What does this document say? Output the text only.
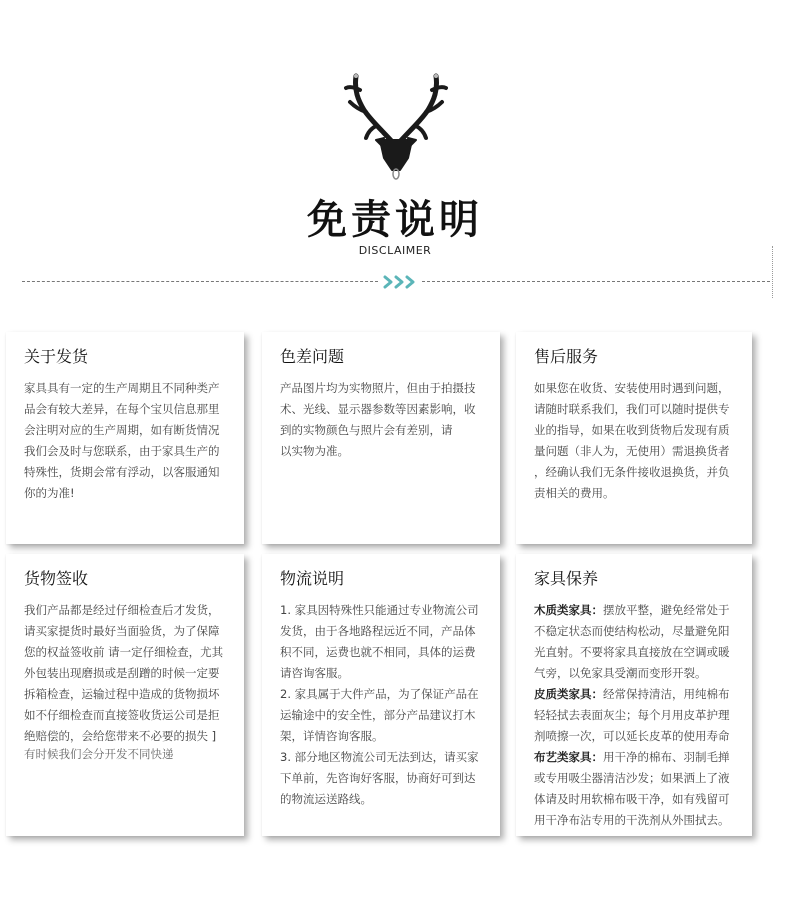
免责说明
DISCLAIMER
关于发货

家具具有一定的生产周期且不同种类产

品会有较大差异，在每个宝贝信息那里

会注明对应的生产周期，如有断货情况

我们会及时与您联系，由于家具生产的

特殊性，货期会常有浮动，以客服通知

你的为准!

色差问题

产品图片均为实物照片，但由于拍摄技

术、光线、显示器参数等因素影响，收

到的实物颜色与照片会有差别，请

以实物为准。

售后服务

如果您在收货、安装使用时遇到问题，

请随时联系我们，我们可以随时提供专

业的指导，如果在收到货物后发现有质

量问题（非人为，无使用）需退换货者

，经确认我们无条件接收退换货，并负

责相关的费用。

货物签收

我们产品都是经过仔细检查后才发货，

请买家提货时最好当面验货，为了保障

您的权益签收前 请一定仔细检查，尤其

外包装出现磨损或是刮蹭的时候一定要

拆箱检查，运输过程中造成的货物损坏

如不仔细检查而直接签收货运公司是拒

绝赔偿的，会给您带来不必要的损失 ]

有时候我们会分开发不同快递

物流说明

1. 家具因特殊性只能通过专业物流公司

发货，由于各地路程远近不同，产品体

积不同，运费也就不相同，具体的运费

请咨询客服。

2. 家具属于大件产品，为了保证产品在

运输途中的安全性，部分产品建议打木

架，详情咨询客服。

3. 部分地区物流公司无法到达，请买家

下单前，先咨询好客服，协商好可到达

的物流运送路线。

家具保养

木质类家具：摆放平整，避免经常处于

不稳定状态而使结构松动，尽量避免阳

光直射。不要将家具直接放在空调或暖

气旁，以免家具受潮而变形开裂。

皮质类家具：经常保持清洁，用纯棉布

轻轻拭去表面灰尘；每个月用皮革护理

剂喷擦一次，可以延长皮革的使用寿命

布艺类家具：用干净的棉布、羽制毛掸

或专用吸尘器清洁沙发；如果洒上了液

体请及时用软棉布吸干净，如有残留可

用干净布沾专用的干洗剂从外围拭去。
